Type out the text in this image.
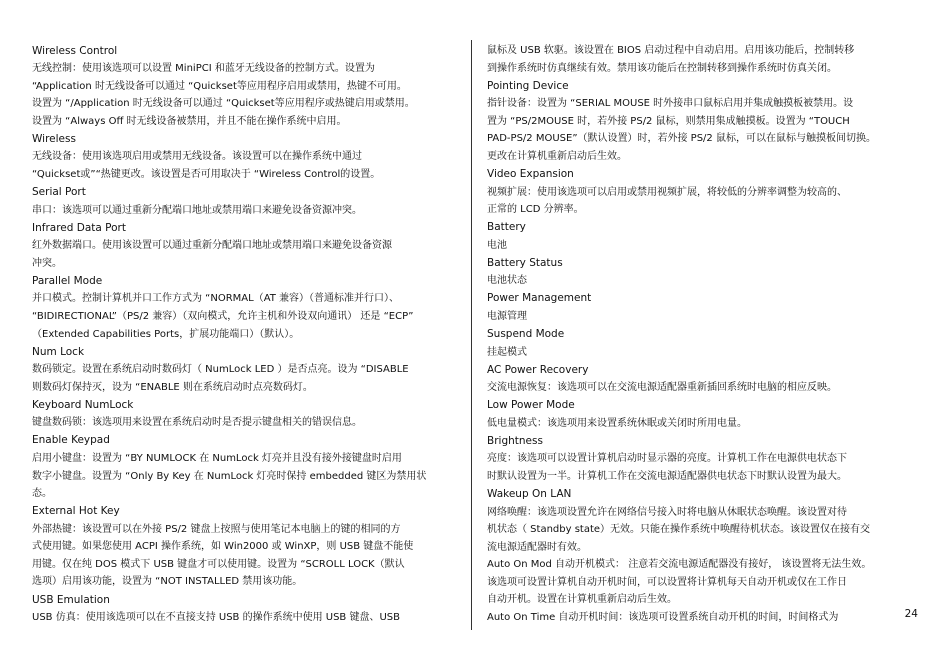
Wireless Control
无线控制：使用该选项可以设置 MiniPCI 和蓝牙无线设备的控制方式。设置为
“Application 时无线设备可以通过 “Quickset等应用程序启用或禁用，热键不可用。
设置为 “/Application 时无线设备可以通过 “Quickset等应用程序或热键启用或禁用。
设置为 “Always Off 时无线设备被禁用，并且不能在操作系统中启用。
Wireless
无线设备：使用该选项启用或禁用无线设备。该设置可以在操作系统中通过
“Quickset或”“热键更改。该设置是否可用取决于 “Wireless Control的设置。
Serial Port
串口：该选项可以通过重新分配端口地址或禁用端口来避免设备资源冲突。
Infrared Data Port
红外数据端口。使用该设置可以通过重新分配端口地址或禁用端口来避免设备资源
冲突。
Parallel Mode
并口模式。控制计算机并口工作方式为 “NORMAL（AT 兼容）（普通标准并行口）、
“BIDIRECTIONAL”（PS/2 兼容）（双向模式，允许主机和外设双向通讯） 还是 “ECP”
（Extended Capabilities Ports，扩展功能端口）（默认）。
Num Lock
数码锁定。设置在系统启动时数码灯（ NumLock LED ）是否点亮。设为 “DISABLE
则数码灯保持灭，设为 “ENABLE 则在系统启动时点亮数码灯。
Keyboard NumLock
键盘数码锁：该选项用来设置在系统启动时是否提示键盘相关的错误信息。
Enable Keypad
启用小键盘：设置为 “BY NUMLOCK 在 NumLock 灯亮并且没有接外接键盘时启用
数字小键盘。设置为 “Only By Key 在 NumLock 灯亮时保持 embedded 键区为禁用状
态。
External Hot Key
外部热键：该设置可以在外接 PS/2 键盘上按照与使用笔记本电脑上的键的相同的方
式使用键。如果您使用 ACPI 操作系统，如 Win2000 或 WinXP，则 USB 键盘不能使
用键。仅在纯 DOS 模式下 USB 键盘才可以使用键。设置为 “SCROLL LOCK（默认
选项）启用该功能，设置为 “NOT INSTALLED 禁用该功能。
USB Emulation
USB 仿真：使用该选项可以在不直接支持 USB 的操作系统中使用 USB 键盘、USB
鼠标及 USB 软驱。该设置在 BIOS 启动过程中自动启用。启用该功能后，控制转移
到操作系统时仿真继续有效。禁用该功能后在控制转移到操作系统时仿真关闭。
Pointing Device
指针设备：设置为 “SERIAL MOUSE 时外接串口鼠标启用并集成触摸板被禁用。设
置为 “PS/2MOUSE 时，若外接 PS/2 鼠标，则禁用集成触摸板。设置为 “TOUCH
PAD-PS/2 MOUSE”（默认设置）时，若外接 PS/2 鼠标，可以在鼠标与触摸板间切换。
更改在计算机重新启动后生效。
Video Expansion
视频扩展：使用该选项可以启用或禁用视频扩展，将较低的分辨率调整为较高的、
正常的 LCD 分辨率。
Battery
电池
Battery Status
电池状态
Power Management
电源管理
Suspend Mode
挂起模式
AC Power Recovery
交流电源恢复：该选项可以在交流电源适配器重新插回系统时电脑的相应反映。
Low Power Mode
低电量模式：该选项用来设置系统休眠或关闭时所用电量。
Brightness
亮度：该选项可以设置计算机启动时显示器的亮度。计算机工作在电源供电状态下
时默认设置为一半。计算机工作在交流电源适配器供电状态下时默认设置为最大。
Wakeup On LAN
网络唤醒：该选项设置允许在网络信号接入时将电脑从休眠状态唤醒。该设置对待
机状态（ Standby state）无效。只能在操作系统中唤醒待机状态。该设置仅在接有交
流电源适配器时有效。
Auto On Mod 自动开机模式： 注意若交流电源适配器没有接好， 该设置将无法生效。
该选项可设置计算机自动开机时间，可以设置将计算机每天自动开机或仅在工作日
自动开机。设置在计算机重新启动后生效。
Auto On Time 自动开机时间：该选项可设置系统自动开机的时间，时间格式为	24
